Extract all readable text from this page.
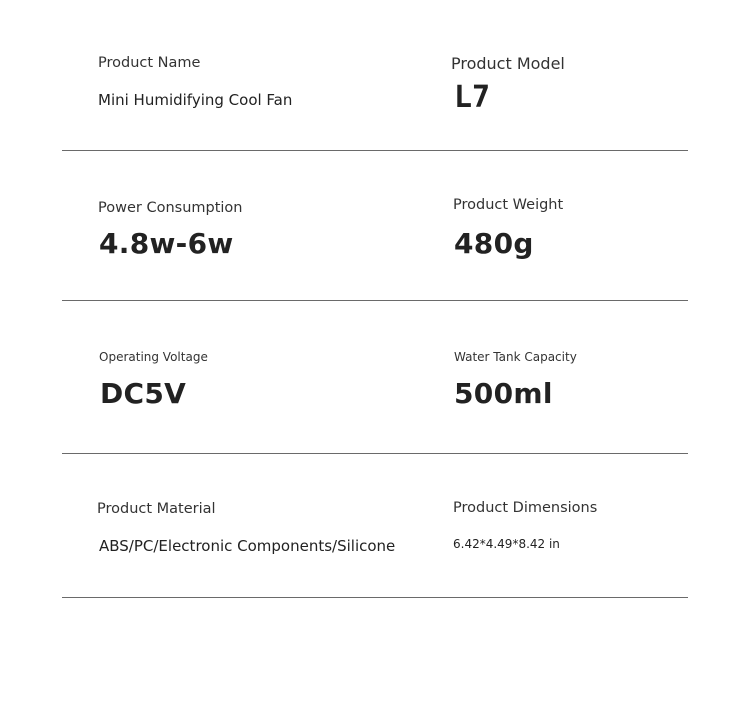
Product Name
Mini Humidifying Cool Fan
Product Model
L7
Power Consumption
4.8w-6w
Product Weight
480g
Operating Voltage
DC5V
Water Tank Capacity
500ml
Product Material
ABS/PC/Electronic Components/Silicone
Product Dimensions
6.42*4.49*8.42 in
